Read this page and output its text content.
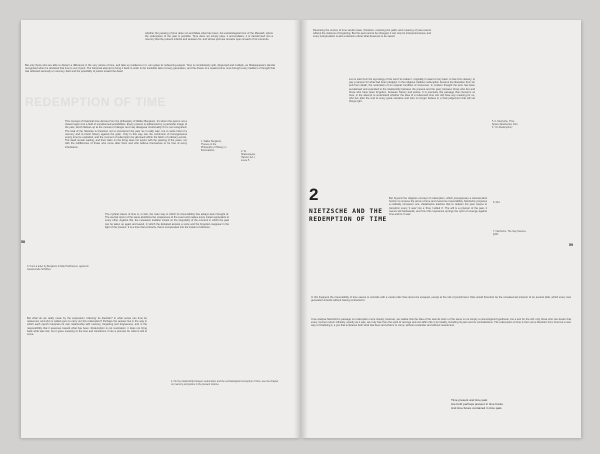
whether the passing of time does not annihilate what has been; but eschatological time of the Messiah, where the redemption of the past is possible. Time does not simply pass, it accumulates, it is transformed into a memory that the present inherits and answers for, and whose promise remains open at each of its moments.

But only those who are able to discern a difference in the very nature of time, and take up residence in it, can grasp its redeeming aspect. Time is constitutively split, dispersed and multiple, as Shakespeare's Hamlet recognised when he declared that time is out of joint. The historical attempt to bring it back to order is the insoluble task of every generation, and the dream of a repaired time runs through every tradition of thought that has reflected seriously on memory, debt and the possibility of justice toward the dead.

REDEMPTION OF TIME

This concept of historical time derives from the philosophy of Walter Benjamin, for whom the past is not a closed region but a field of unredeemed possibilities. Every present is addressed by a particular image of the past, which flashes up at the moment of danger and may disappear irretrievably if it is not recognised. The task of the historian is therefore not to reconstruct the past 'as it really was', but to seize hold of a memory and to brush history against the grain. Only in this way can the continuum of homogeneous empty time be exploded, and the moment of redemption be glimpsed within the fabric of ordinary events. The dead remain waiting, and their claim on the living does not expire with the passing of the years, nor with the indifference of those who come after them and who believe themselves to be free of every inheritance.

1. Walter Benjamin, Theses on the Philosophy of History, in Illuminations.	2. W. Shakespeare, Hamlet, Act I, scene 5.

58

The cyclical nature of time is, in fact, the main way in which its irreversibility has always been thought of. The eternal return of the same abolishes the uniqueness of the event and makes every instant equivalent to every other. Against this, the messianic tradition insists on the singularity of the moment in which the past can be taken up again and saved, in which the defeated acquire a voice and the forgotten reappear in the light of the present. It is a time that contracts, that is compressed into the instant of decision.

3. From a letter by Benjamin to Max Horkheimer, quoted in Gesammelte Schriften.

But what do we really mean by the expression 'ordering' its disorder? In what sense can time be redeemed, and who is called upon to carry out this redemption? Perhaps the answer lies in the way in which each epoch interprets its own relationship with memory, forgetting and forgiveness, and in the responsibility that it assumes toward what has been. Redemption is not restoration: it does not bring back what was lost, but it gives meaning to the loss and transforms it into a promise for what is still to come.

4. On the relationship between redemption and the eschatological conception of time, see the chapter on memory and justice in the present volume.

Reversing the course of time would mean, therefore, restoring the paths and meaning of past events without the violence of forgetting. But the past cannot be changed, it can only be interpreted anew, and every interpretation is also a decision about what deserves to be saved.

Let us start from the etymology of the word 'to redeem': originally it meant to buy back, to free from slavery, to pay a ransom for what had been pledged. In the religious tradition redemption became the liberation from sin and from death, the restoration of an original condition of innocence. In modern thought the term has been secularised and extended to the relationship between the present and the past, between those who live and those who have been forgotten, between history and justice. It is precisely this passage that concerns us here, in the attempt to understand whether the idea of a redeemed time can still have any meaning for us, who live after the end of every great narrative and who no longer believe in a final judgement that will set things right.

5. F. Nietzsche, Thus Spoke Zarathustra, Part II, 'On Redemption'.

2

NIETZSCHE AND THE

REDEMPTION OF TIME

But beyond the religious concept of redemption, which presupposes a transcendent horizon to reverse the arrow of time and overcome irreversibility, Nietzsche proposes a radically immanent one. Zarathustra teaches that to redeem the past means to transform every 'it was' into a 'thus I willed it'. The will is a prisoner of the past, it cannot will backwards, and from this impotence springs the spirit of revenge against time and its 'it was'.

6. Ibid.

7. Nietzsche, The Gay Science, §341.

59

In this fragment the irreversibility of time seems to coincide with a moral order that cannot be escaped, except at the risk of punishment. Man would therefore be the unredeemed prisoner of an ancient debt, which every new generation inherits without having contracted it.

If we analyse Nietzsche's passage on redemption more closely, however, we realise that the idea of the eternal return of the same is not simply a cosmological hypothesis, but a test for the will: only those who can desire that every moment return infinitely, exactly as it was, are truly free from the spirit of revenge and can affirm life in its totality, including its pain and its contradictions. The redemption of time is then not a liberation from time but a new way of inhabiting it, a yes that embraces both what has been and what is to come, without remainder and without resentment.

Time present and time past

Are both perhaps present in time future

And time future contained in time past.
